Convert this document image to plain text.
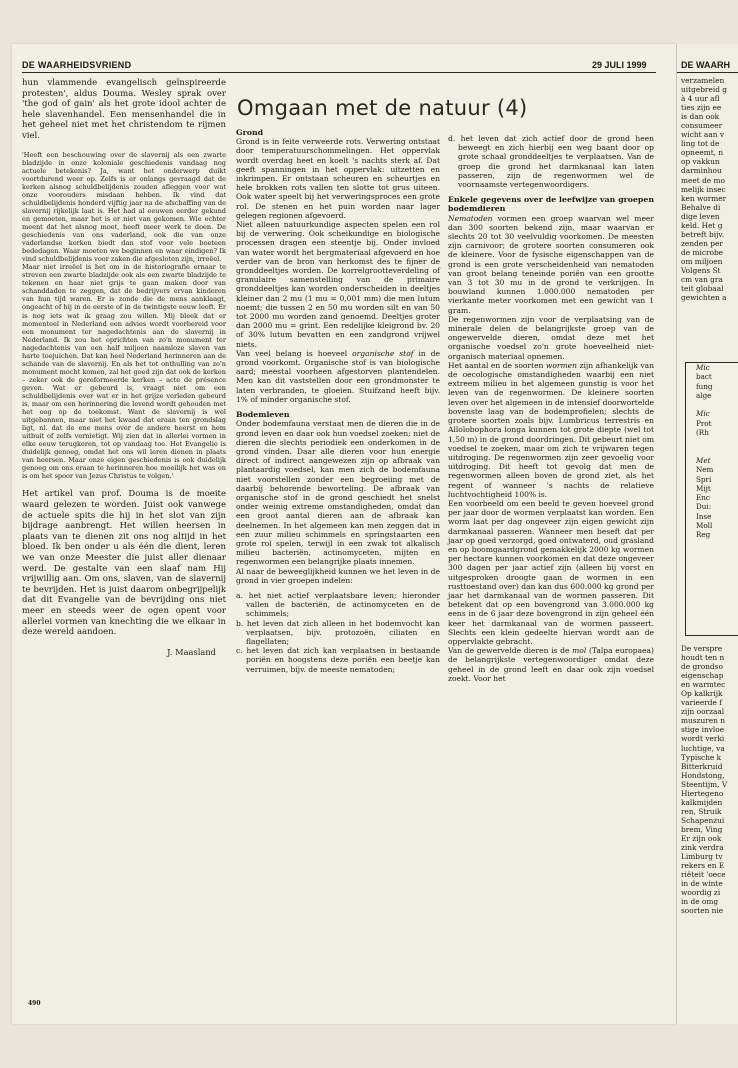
DE WAARHEIDSVRIEND	29 JULI 1999

hun vlammende evangelisch geïnspireerde protesten', aldus Douma. Wesley sprak over 'the god of gain' als het grote idool achter de hele slavenhandel. Een mensenhandel die in het geheel niet met het christendom te rijmen viel.

'Heeft een beschouwing over de slavernij als een zwarte bladzijde in onze koloniale geschiedenis vandaag nog actuele betekenis? Ja, want het onderwerp duikt voortdurend weer op. Zelfs is er onlangs gevraagd dat de kerken alsnog schuldbelijdenis zouden afleggen voor wat onze voorouders misdaan hebben. Ik vind dat schuldbelijdenis honderd vijftig jaar na de afschaffing van de slavernij rijkelijk laat is. Het had al eeuwen eerder gekund en gemoeten, maar het is er niet van gekomen. Wie echter meent dat het alsnog moet, heeft meer werk te doen. De geschiedenis van ons vaderland, ook die van onze vaderlandse kerken biedt dan stof voor vele boeteen bededagen. Waar moeten we beginnen en waar eindigen? Ik vind schuldbelijdenis voor zaken die afgesloten zijn, irreëel.

Maar niet irreëel is het om in de historiografie ernaar te streven een zwarte bladzijde ook als een zwarte bladzijde te tekenen en haar niet grijs te gaan maken door van schanddaden te zeggen, dat de bedrijvers ervan kinderen van hun tijd waren. Er is zonde die de mens aanklaagt, ongeacht of hij in de eerste of in de twintigste eeuw leeft. Er is nog iets wat ik graag zou willen. Mij bleek dat er momenteel in Nederland een advies wordt voorbereid voor een monument ter nagedachtenis aan de slavernij in Nederland. Ik zou het oprichten van zo'n monument ter nagedachtenis van een half miljoen naamloze slaven van harte toejuichen. Dat kan heel Nederland herinneren aan de schande van de slavernij. En als het tot onthulling van zo'n monument mocht komen, zal het goed zijn dat ook de kerken – zeker ook de gereformeerde kerken – acte de présence geven. Wat er gebeurd is, vraagt niet om een schuldbelijdenis over wat er in het grijze verleden gebeurd is, maar om een herinnering die levend wordt gehouden met het oog op de toekomst. Want de slavernij is wel uitgebannen, maar niet het kwaad dat eraan ten grondslag ligt, nl. dat de ene mens over de andere heerst en hem uitbuit of zelfs vernietigt. Wij zien dat in allerlei vormen in elke eeuw terugkeren, tot op vandaag toe. Het Evangelie is duidelijk genoeg, omdat het ons wil leren dienen in plaats van heersen. Maar onze eigen geschiedenis is ook duidelijk genoeg om ons eraan te herinneren hoe moeilijk het was en is om het spoor van Jezus Christus te volgen.'

Het artikel van prof. Douma is de moeite waard gelezen te worden. Juist ook vanwege de actuele spits die hij in het slot van zijn bijdrage aanbrengt. Het willen heersen in plaats van te dienen zit ons nog altijd in het bloed. Ik ben onder u als één die dient, leren we van onze Meester die juist aller dienaar werd. De gestalte van een slaaf nam Hij vrijwillig aan. Om ons, slaven, van de slavernij te bevrijden. Het is juist daarom onbegrijpelijk dat dit Evangelie van de bevrijding ons niet meer en steeds weer de ogen opent voor allerlei vormen van knechting die we elkaar in deze wereld aandoen.

J. Maasland
Omgaan met de natuur (4)
Grond

Grond is in feite verweerde rots. Verwering ontstaat door temperatuurschommelingen. Het oppervlak wordt overdag heet en koelt 's nachts sterk af. Dat geeft spanningen in het oppervlak: uitzetten en inkrimpen. Er ontstaan scheuren en scheurtjes en hele brokken rots vallen ten slotte tot grus uiteen. Ook water speelt bij het verweringsproces een grote rol. De stenen en het puin worden naar lager gelegen regionen afgevoerd.

Niet alleen natuurkundige aspecten spelen een rol bij de verwering. Ook scheikundige en biologische processen dragen een steentje bij. Onder invloed van water wordt het bergmateriaal afgevoerd en hoe verder van de bron van herkomst des te fijner de gronddeeltjes worden. De korrelgrootteverdeling of granulaire samenstelling van de primaire gronddeeltjes kan worden onderscheiden in deeltjes kleiner dan 2 mu (1 mu = 0,001 mm) die men lutum noemt; die tussen 2 en 50 mu worden silt en van 50 tot 2000 mu worden zand genoemd. Deeltjes groter dan 2000 mu = grint. Een redelijke kleigrond bv. 20 of 30% lutum bevatten en een zandgrond vrijwel niets.

Van veel belang is hoeveel organische stof in de grond voorkomt. Organische stof is van biologische aard; meestal voorheen afgestorven plantendelen. Men kan dit vaststellen door een grondmonster te laten verbranden, te gloeien. Stuifzand heeft bijv. 1% of minder organische stof.

Bodemleven

Onder bodemfauna verstaat men de dieren die in de grond leven en daar ook hun voedsel zoeken; niet de dieren die slechts periodiek een onderkomen in de grond vinden. Daar alle dieren voor hun energie direct of indirect aangewezen zijn op afbraak van plantaardig voedsel, kan men zich de bodemfauna niet voorstellen zonder een begroeiing met de daarbij behorende beworteling. De afbraak van organische stof in de grond geschiedt het snelst onder weinig extreme omstandigheden, omdat dan een groot aantal dieren aan de afbraak kan deelnemen. In het algemeen kan men zeggen dat in een zuur milieu schimmels en springstaarten een grote rol spelen, terwijl in een zwak tot alkalisch milieu bacteriën, actinomyceten, mijten en regenwormen een belangrijke plaats innemen.

Al naar de beweeglijkheid kunnen we het leven in de grond in vier groepen indelen:

a. het niet actief verplaatsbare leven; hieronder vallen de bacteriën, de actinomyceten en de schimmels;

b. het leven dat zich alleen in het bodemvocht kan verplaatsen, bijv. protozoën, ciliaten en flagellaten;

c. het leven dat zich kan verplaatsen in bestaande poriën en hoogstens deze poriën een beetje kan verruimen, bijv. de meeste nematoden;

d. het leven dat zich actief door de grond heen beweegt en zich hierbij een weg baant door op grote schaal gronddeeltjes te verplaatsen. Van de groep die grond het darmkanaal kan laten passeren, zijn de regenwormen wel de voornaamste vertegenwoordigers.

Enkele gegevens over de leefwijze van groepen bodemdieren

Nematoden vormen een groep waarvan wel meer dan 300 soorten bekend zijn, maar waarvan er slechts 20 tot 30 veelvuldig voorkomen. De meesten zijn carnivoor; de grotere soorten consumeren ook de kleinere. Voor de fysische eigenschappen van de grond is een grote verscheidenheid van nematoden van groot belang teneinde poriën van een grootte van 3 tot 30 mu in de grond te verkrijgen. In bouwland kunnen 1.000.000 nematoden per vierkante meter voorkomen met een gewicht van 1 gram.

De regenwormen zijn voor de verplaatsing van de minerale delen de belangrijkste groep van de ongewervelde dieren, omdat deze met het organische voedsel zo'n grote hoeveelheid niet-organisch materiaal opnemen.

Het aantal en de soorten wormen zijn afhankelijk van de oecologische omstandigheden waarbij een niet extreem milieu in het algemeen gunstig is voor het leven van de regenwormen. De kleinere soorten leven over het algemeen in de intensief doorwortelde bovenste laag van de bodemprofielen; slechts de grotere soorten zoals bijv. Lumbricus terrestris en Allolobophora longa kunnen tot grote diepte (wel tot 1,50 m) in de grond doordringen. Dit gebeurt niet om voedsel te zoeken, maar om zich te vrijwaren tegen uitdroging. De regenwormen zijn zeer gevoelig voor uitdroging. Dit heeft tot gevolg dat men de regenwormen alleen boven de grond ziet, als het regent of wanneer 's nachts de relatieve luchtvochtigheid 100% is.

Een voorbeeld om een beeld te geven hoeveel grond per jaar door de wormen verplaatst kan worden. Een worm laat per dag ongeveer zijn eigen gewicht zijn darmkanaal passeren. Wanneer men beseft dat per jaar op goed verzorgd, goed ontwaterd, oud grasland en op boomgaardgrond gemakkelijk 2000 kg wormen per hectare kunnen voorkomen en dat deze ongeveer 300 dagen per jaar actief zijn (alleen bij vorst en uitgesproken droogte gaan de wormen in een rusttoestand over) dan kan dus 600.000 kg grond per jaar het darmkanaal van de wormen passeren. Dit betekent dat op een bovengrond van 3.000.000 kg eens in de 6 jaar deze bovengrond in zijn geheel één keer het darmkanaal van de wormen passeert. Slechts een klein gedeelte hiervan wordt aan de oppervlakte gebracht.

Van de gewervelde dieren is de mol (Talpa europaea) de belangrijkste vertegenwoordiger omdat deze geheel in de grond leeft en daar ook zijn voedsel zoekt. Voor het

490
DE WAARH
verzamelen
uitgebreid g
à 4 uur afl
ties zijn ee
is dan ook
consumeer
wicht aan v
ling tot de
opneemt, n
op vakkun
darminhou
meet de mo
melijk insec
ken wormer
Behalve di
dige leven
keld. Het g
betreft bijv.
zenden per
de microbe
om miljoen
Volgens St
cm van gra
teit globaal
gewichten a
Mic
bact
fung
alge

Mic
Prot
(Rh

Met
Nem
Spri
Mijt
Enc
Dui:
Inse
Moll
Reg
De verspre
houdt ten n
de grondso
eigenschap
en warmtec
Op kalkrijk
varieerde f
zijn oorzaal
muszuren n
stige invloe
wordt verki
luchtige, va
Typische k
Bitterkruid
Hondstong,
Steentijm, V
Hiertegeno
kalkmijden
ren, Struik
Schapenzui
brem, Ving
Er zijn ook
zink verdra
Limburg tv
rekers en E
riëteit 'oece
in de winte
woordig zi
in de omg
soorten nie
